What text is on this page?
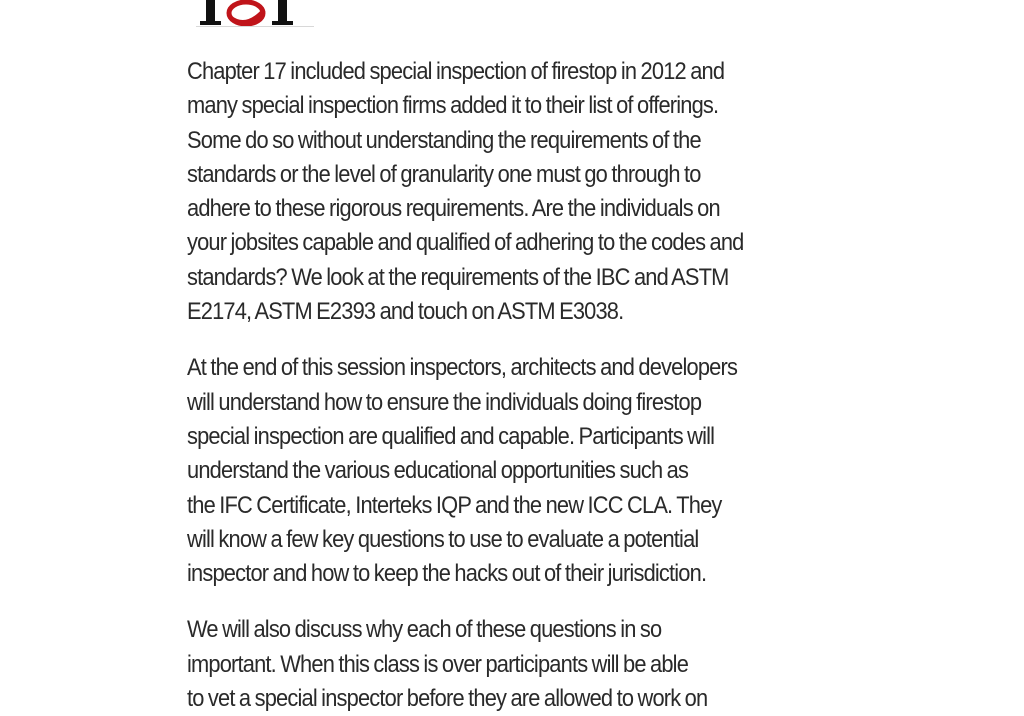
Chapter 17 included special inspection of firestop in 2012 and
many special inspection firms added it to their list of offerings.
Some do so without understanding the requirements of the
standards or the level of granularity one must go through to
adhere to these rigorous requirements. Are the individuals on
your jobsites capable and qualified of adhering to the codes and
standards? We look at the requirements of the IBC and ASTM
E2174, ASTM E2393 and touch on ASTM E3038.

At the end of this session inspectors, architects and developers
will understand how to ensure the individuals doing firestop
special inspection are qualified and capable. Participants will
understand the various educational opportunities such as
the IFC Certificate, Interteks IQP and the new ICC CLA. They
will know a few key questions to use to evaluate a potential
inspector and how to keep the hacks out of their jurisdiction.

We will also discuss why each of these questions in so
important. When this class is over participants will be able
to vet a special inspector before they are allowed to work on
